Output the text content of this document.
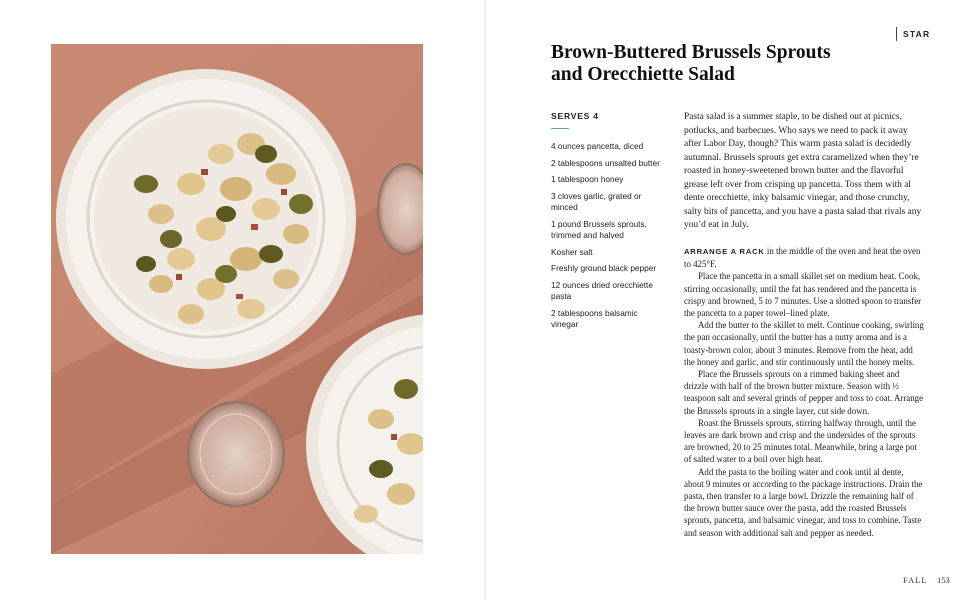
STAR
Brown-Buttered Brussels Sprouts
and Orecchiette Salad
SERVES 4
4 ounces pancetta, diced
2 tablespoons unsalted butter
1 tablespoon honey
3 cloves garlic, grated or minced
1 pound Brussels sprouts, trimmed and halved
Kosher salt
Freshly ground black pepper
12 ounces dried orecchiette pasta
2 tablespoons balsamic vinegar

Pasta salad is a summer staple, to be dished out at picnics, potlucks, and barbecues. Who says we need to pack it away after Labor Day, though? This warm pasta salad is decidedly autumnal. Brussels sprouts get extra caramelized when they’re roasted in honey-sweetened brown butter and the flavorful grease left over from crisping up pancetta. Toss them with al dente orecchiette, inky balsamic vinegar, and those crunchy, salty bits of pancetta, and you have a pasta salad that rivals any you’d eat in July.

ARRANGE A RACK in the middle of the oven and heat the oven to 425°F.

Place the pancetta in a small skillet set on medium heat. Cook, stirring occasionally, until the fat has rendered and the pancetta is crispy and browned, 5 to 7 minutes. Use a slotted spoon to transfer the pancetta to a paper towel–lined plate.

Add the butter to the skillet to melt. Continue cooking, swirling the pan occasionally, until the butter has a nutty aroma and is a toasty-brown color, about 3 minutes. Remove from the heat, add the honey and garlic, and stir continuously until the honey melts.

Place the Brussels sprouts on a rimmed baking sheet and drizzle with half of the brown butter mixture. Season with ½ teaspoon salt and several grinds of pepper and toss to coat. Arrange the Brussels sprouts in a single layer, cut side down.

Roast the Brussels sprouts, stirring halfway through, until the leaves are dark brown and crisp and the undersides of the sprouts are browned, 20 to 25 minutes total. Meanwhile, bring a large pot of salted water to a boil over high heat.

Add the pasta to the boiling water and cook until al dente, about 9 minutes or according to the package instructions. Drain the pasta, then transfer to a large bowl. Drizzle the remaining half of the brown butter sauce over the pasta, add the roasted Brussels sprouts, pancetta, and balsamic vinegar, and toss to combine. Taste and season with additional salt and pepper as needed.

FALL 153
